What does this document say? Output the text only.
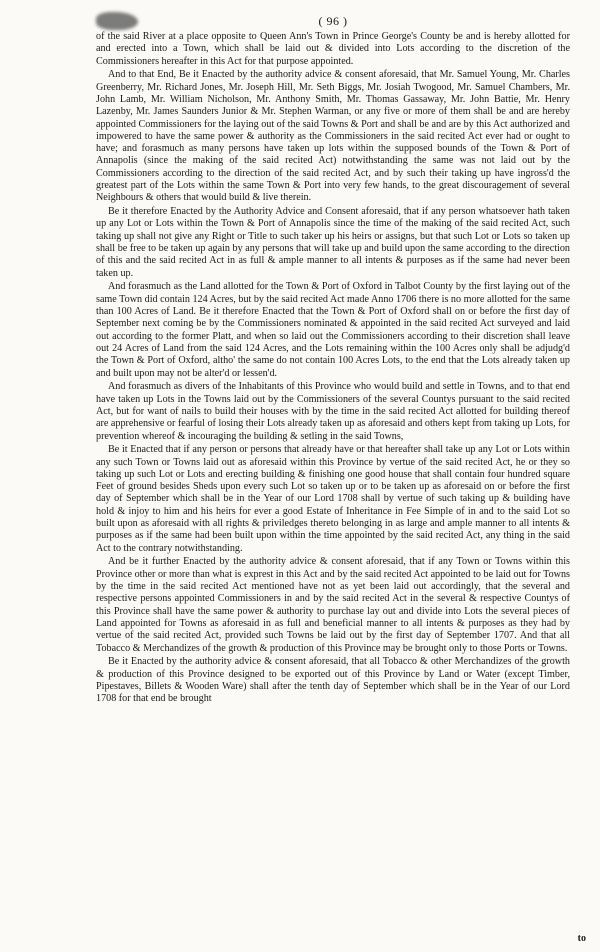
( 96 )

of the said River at a place opposite to Queen Ann's Town in Prince George's County be and is hereby allotted for and erected into a Town, which shall be laid out & divided into Lots according to the discretion of the Commissioners hereafter in this Act for that purpose appointed.

And to that End, Be it Enacted by the authority advice & consent aforesaid, that Mr. Samuel Young, Mr. Charles Greenberry, Mr. Richard Jones, Mr. Joseph Hill, Mr. Seth Biggs, Mr. Josiah Twogood, Mr. Samuel Chambers, Mr. John Lamb, Mr. William Nicholson, Mr. Anthony Smith, Mr. Thomas Gassaway, Mr. John Battie, Mr. Henry Lazenby, Mr. James Saunders Junior & Mr. Stephen Warman, or any five or more of them shall be and are hereby appointed Commissioners for the laying out of the said Towns & Port and shall be and are by this Act authorized and impowered to have the same power & authority as the Commissioners in the said recited Act ever had or ought to have; and forasmuch as many persons have taken up lots within the supposed bounds of the Town & Port of Annapolis (since the making of the said recited Act) notwithstanding the same was not laid out by the Commissioners according to the direction of the said recited Act, and by such their taking up have ingross'd the greatest part of the Lots within the same Town & Port into very few hands, to the great discouragement of several Neighbours & others that would build & live therein.

Be it therefore Enacted by the Authority Advice and Consent aforesaid, that if any person whatsoever hath taken up any Lot or Lots within the Town & Port of Annapolis since the time of the making of the said recited Act, such taking up shall not give any Right or Title to such taker up his heirs or assigns, but that such Lot or Lots so taken up shall be free to be taken up again by any persons that will take up and build upon the same according to the direction of this and the said recited Act in as full & ample manner to all intents & purposes as if the same had never been taken up.

And forasmuch as the Land allotted for the Town & Port of Oxford in Talbot County by the first laying out of the same Town did contain 124 Acres, but by the said recited Act made Anno 1706 there is no more allotted for the same than 100 Acres of Land. Be it therefore Enacted that the Town & Port of Oxford shall on or before the first day of September next coming be by the Commissioners nominated & appointed in the said recited Act surveyed and laid out according to the former Platt, and when so laid out the Commissioners according to their discretion shall leave out 24 Acres of Land from the said 124 Acres, and the Lots remaining within the 100 Acres only shall be adjudg'd the Town & Port of Oxford, altho' the same do not contain 100 Acres Lots, to the end that the Lots already taken up and built upon may not be alter'd or lessen'd.

And forasmuch as divers of the Inhabitants of this Province who would build and settle in Towns, and to that end have taken up Lots in the Towns laid out by the Commissioners of the several Countys pursuant to the said recited Act, but for want of nails to build their houses with by the time in the said recited Act allotted for building thereof are apprehensive or fearful of losing their Lots already taken up as aforesaid and others kept from taking up Lots, for prevention whereof & incouraging the building & setling in the said Towns,

Be it Enacted that if any person or persons that already have or that hereafter shall take up any Lot or Lots within any such Town or Towns laid out as aforesaid within this Province by vertue of the said recited Act, he or they so taking up such Lot or Lots and erecting building & finishing one good house that shall contain four hundred square Feet of ground besides Sheds upon every such Lot so taken up or to be taken up as aforesaid on or before the first day of September which shall be in the Year of our Lord 1708 shall by vertue of such taking up & building have hold & injoy to him and his heirs for ever a good Estate of Inheritance in Fee Simple of in and to the said Lot so built upon as aforesaid with all rights & priviledges thereto belonging in as large and ample manner to all intents & purposes as if the same had been built upon within the time appointed by the said recited Act, any thing in the said Act to the contrary notwithstanding.

And be it further Enacted by the authority advice & consent aforesaid, that if any Town or Towns within this Province other or more than what is exprest in this Act and by the said recited Act appointed to be laid out for Towns by the time in the said recited Act mentioned have not as yet been laid out accordingly, that the several and respective persons appointed Commissioners in and by the said recited Act in the several & respective Countys of this Province shall have the same power & authority to purchase lay out and divide into Lots the several pieces of Land appointed for Towns as aforesaid in as full and beneficial manner to all intents & purposes as they had by vertue of the said recited Act, provided such Towns be laid out by the first day of September 1707. And that all Tobacco & Merchandizes of the growth & production of this Province may be brought only to those Ports or Towns.

Be it Enacted by the authority advice & consent aforesaid, that all Tobacco & other Merchandizes of the growth & production of this Province designed to be exported out of this Province by Land or Water (except Timber, Pipestaves, Billets & Wooden Ware) shall after the tenth day of September which shall be in the Year of our Lord 1708 for that end be brought

to
